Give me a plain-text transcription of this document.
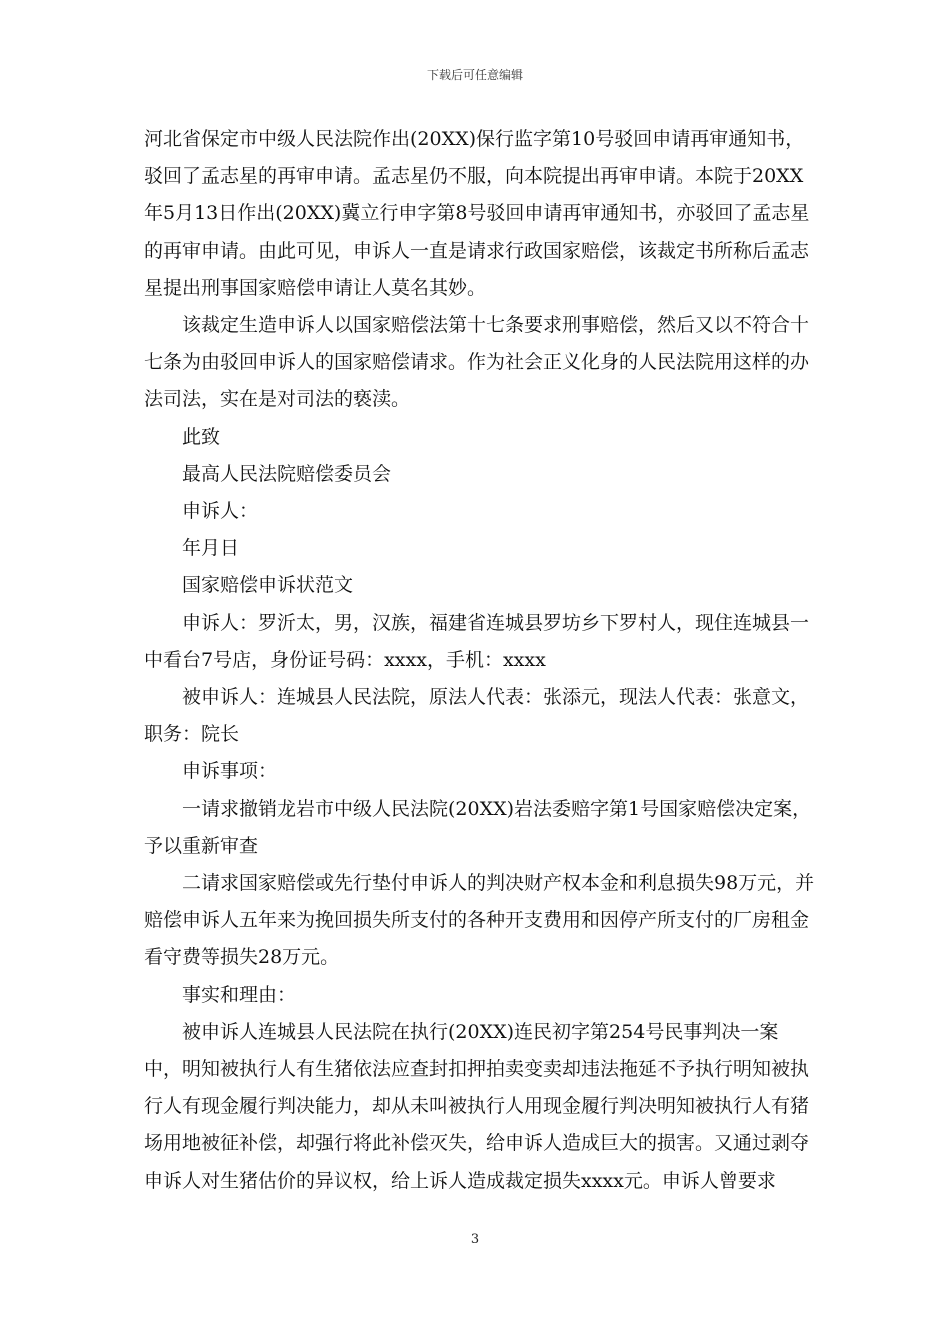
下载后可任意编辑

河北省保定市中级人民法院作出(20XX)保行监字第10号驳回申请再审通知书，驳回了孟志星的再审申请。孟志星仍不服，向本院提出再审申请。本院于20XX年5月13日作出(20XX)冀立行申字第8号驳回申请再审通知书，亦驳回了孟志星的再审申请。由此可见，申诉人一直是请求行政国家赔偿，该裁定书所称后孟志星提出刑事国家赔偿申请让人莫名其妙。

　　该裁定生造申诉人以国家赔偿法第十七条要求刑事赔偿，然后又以不符合十七条为由驳回申诉人的国家赔偿请求。作为社会正义化身的人民法院用这样的办法司法，实在是对司法的亵渎。

　　此致

　　最高人民法院赔偿委员会

　　申诉人：

　　年月日

　　国家赔偿申诉状范文

　　申诉人：罗沂太，男，汉族，福建省连城县罗坊乡下罗村人，现住连城县一中看台7号店，身份证号码：xxxx，手机：xxxx

　　被申诉人：连城县人民法院，原法人代表：张添元，现法人代表：张意文，职务：院长

　　申诉事项：

　　一请求撤销龙岩市中级人民法院(20XX)岩法委赔字第1号国家赔偿决定案，予以重新审查

　　二请求国家赔偿或先行垫付申诉人的判决财产权本金和利息损失98万元，并赔偿申诉人五年来为挽回损失所支付的各种开支费用和因停产所支付的厂房租金看守费等损失28万元。

　　事实和理由：

　　被申诉人连城县人民法院在执行(20XX)连民初字第254号民事判决一案中，明知被执行人有生猪依法应查封扣押拍卖变卖却违法拖延不予执行明知被执行人有现金履行判决能力，却从未叫被执行人用现金履行判决明知被执行人有猪场用地被征补偿，却强行将此补偿灭失，给申诉人造成巨大的损害。又通过剥夺申诉人对生猪估价的异议权，给上诉人造成裁定损失xxxx元。申诉人曾要求

3
